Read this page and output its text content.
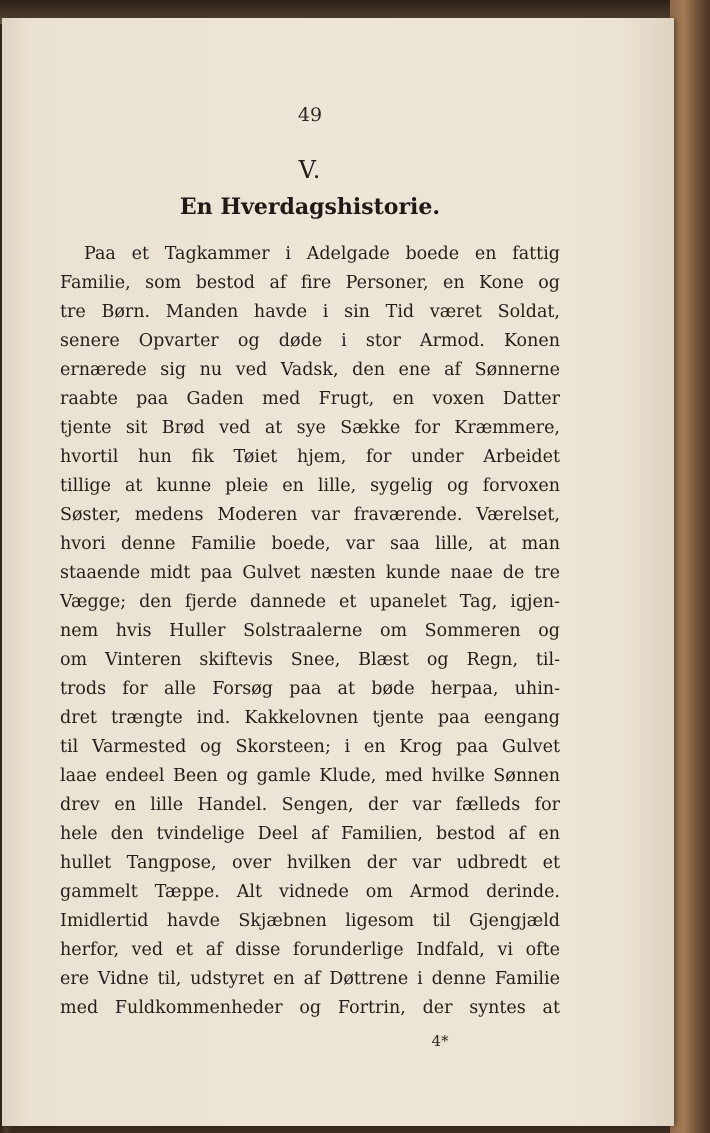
49
V.
En Hverdagshistorie.
Paa et Tagkammer i Adelgade boede en fattig
Familie, som bestod af fire Personer, en Kone og
tre Børn. Manden havde i sin Tid været Soldat,
senere Opvarter og døde i stor Armod. Konen
ernærede sig nu ved Vadsk, den ene af Sønnerne
raabte paa Gaden med Frugt, en voxen Datter
tjente sit Brød ved at sye Sække for Kræmmere,
hvortil hun fik Tøiet hjem, for under Arbeidet
tillige at kunne pleie en lille, sygelig og forvoxen
Søster, medens Moderen var fraværende. Værelset,
hvori denne Familie boede, var saa lille, at man
staaende midt paa Gulvet næsten kunde naae de tre
Vægge; den fjerde dannede et upanelet Tag, igjen-
nem hvis Huller Solstraalerne om Sommeren og
om Vinteren skiftevis Snee, Blæst og Regn, til-
trods for alle Forsøg paa at bøde herpaa, uhin-
dret trængte ind. Kakkelovnen tjente paa eengang
til Varmested og Skorsteen; i en Krog paa Gulvet
laae endeel Been og gamle Klude, med hvilke Sønnen
drev en lille Handel. Sengen, der var fælleds for
hele den tvindelige Deel af Familien, bestod af en
hullet Tangpose, over hvilken der var udbredt et
gammelt Tæppe. Alt vidnede om Armod derinde.
Imidlertid havde Skjæbnen ligesom til Gjengjæld
herfor, ved et af disse forunderlige Indfald, vi ofte
ere Vidne til, udstyret en af Døttrene i denne Familie
med Fuldkommenheder og Fortrin, der syntes at
4*
